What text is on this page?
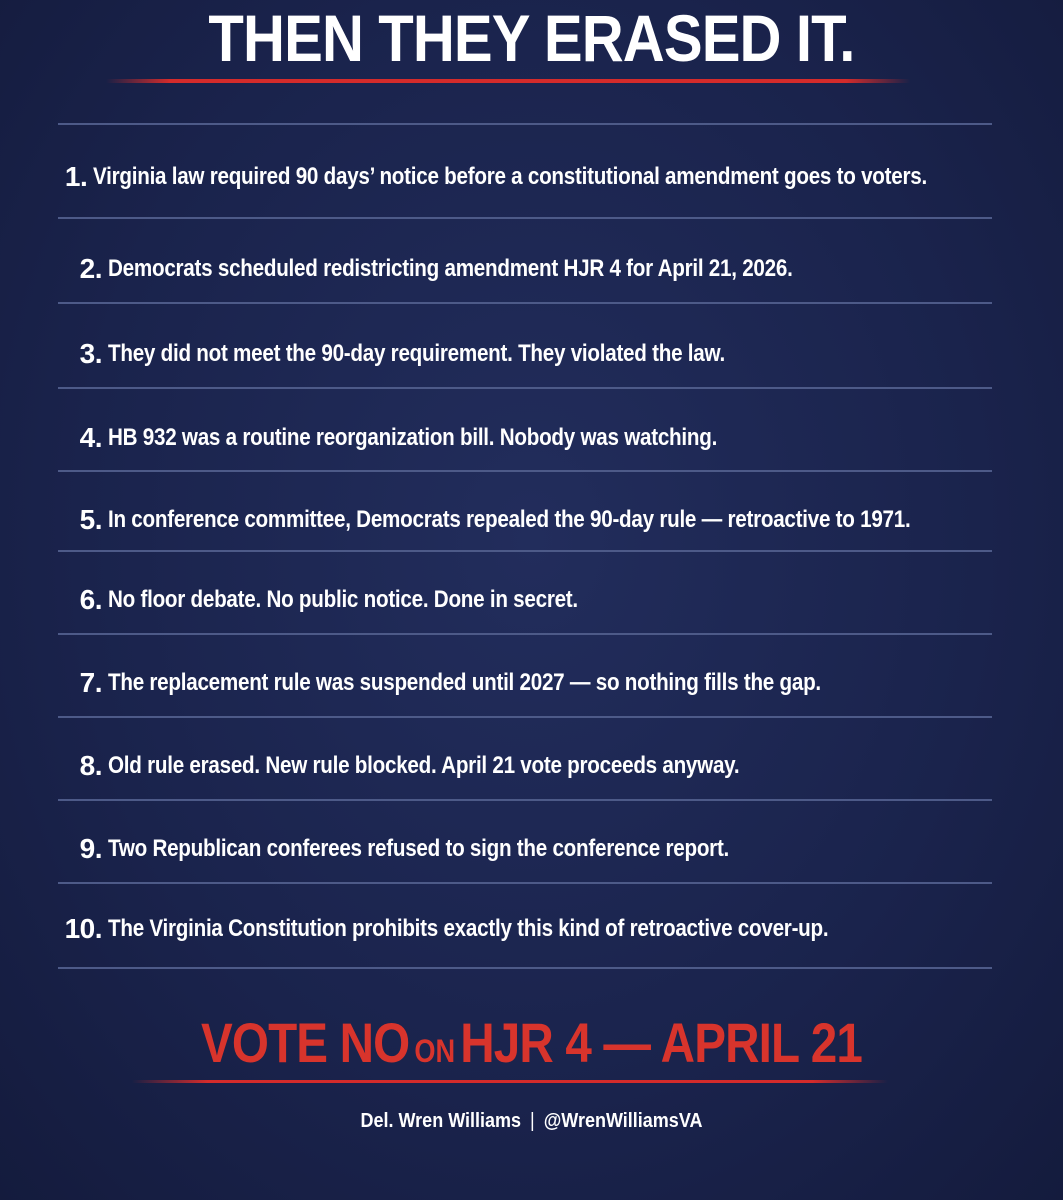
THEN THEY ERASED IT.
1. Virginia law required 90 days’ notice before a constitutional amendment goes to voters.
2. Democrats scheduled redistricting amendment HJR 4 for April 21, 2026.
3. They did not meet the 90-day requirement. They violated the law.
4. HB 932 was a routine reorganization bill. Nobody was watching.
5. In conference committee, Democrats repealed the 90-day rule — retroactive to 1971.
6. No floor debate. No public notice. Done in secret.
7. The replacement rule was suspended until 2027 — so nothing fills the gap.
8. Old rule erased. New rule blocked. April 21 vote proceeds anyway.
9. Two Republican conferees refused to sign the conference report.
10. The Virginia Constitution prohibits exactly this kind of retroactive cover-up.
VOTE NO ONHJR 4 — APRIL 21
Del. Wren Williams | @WrenWilliamsVA
